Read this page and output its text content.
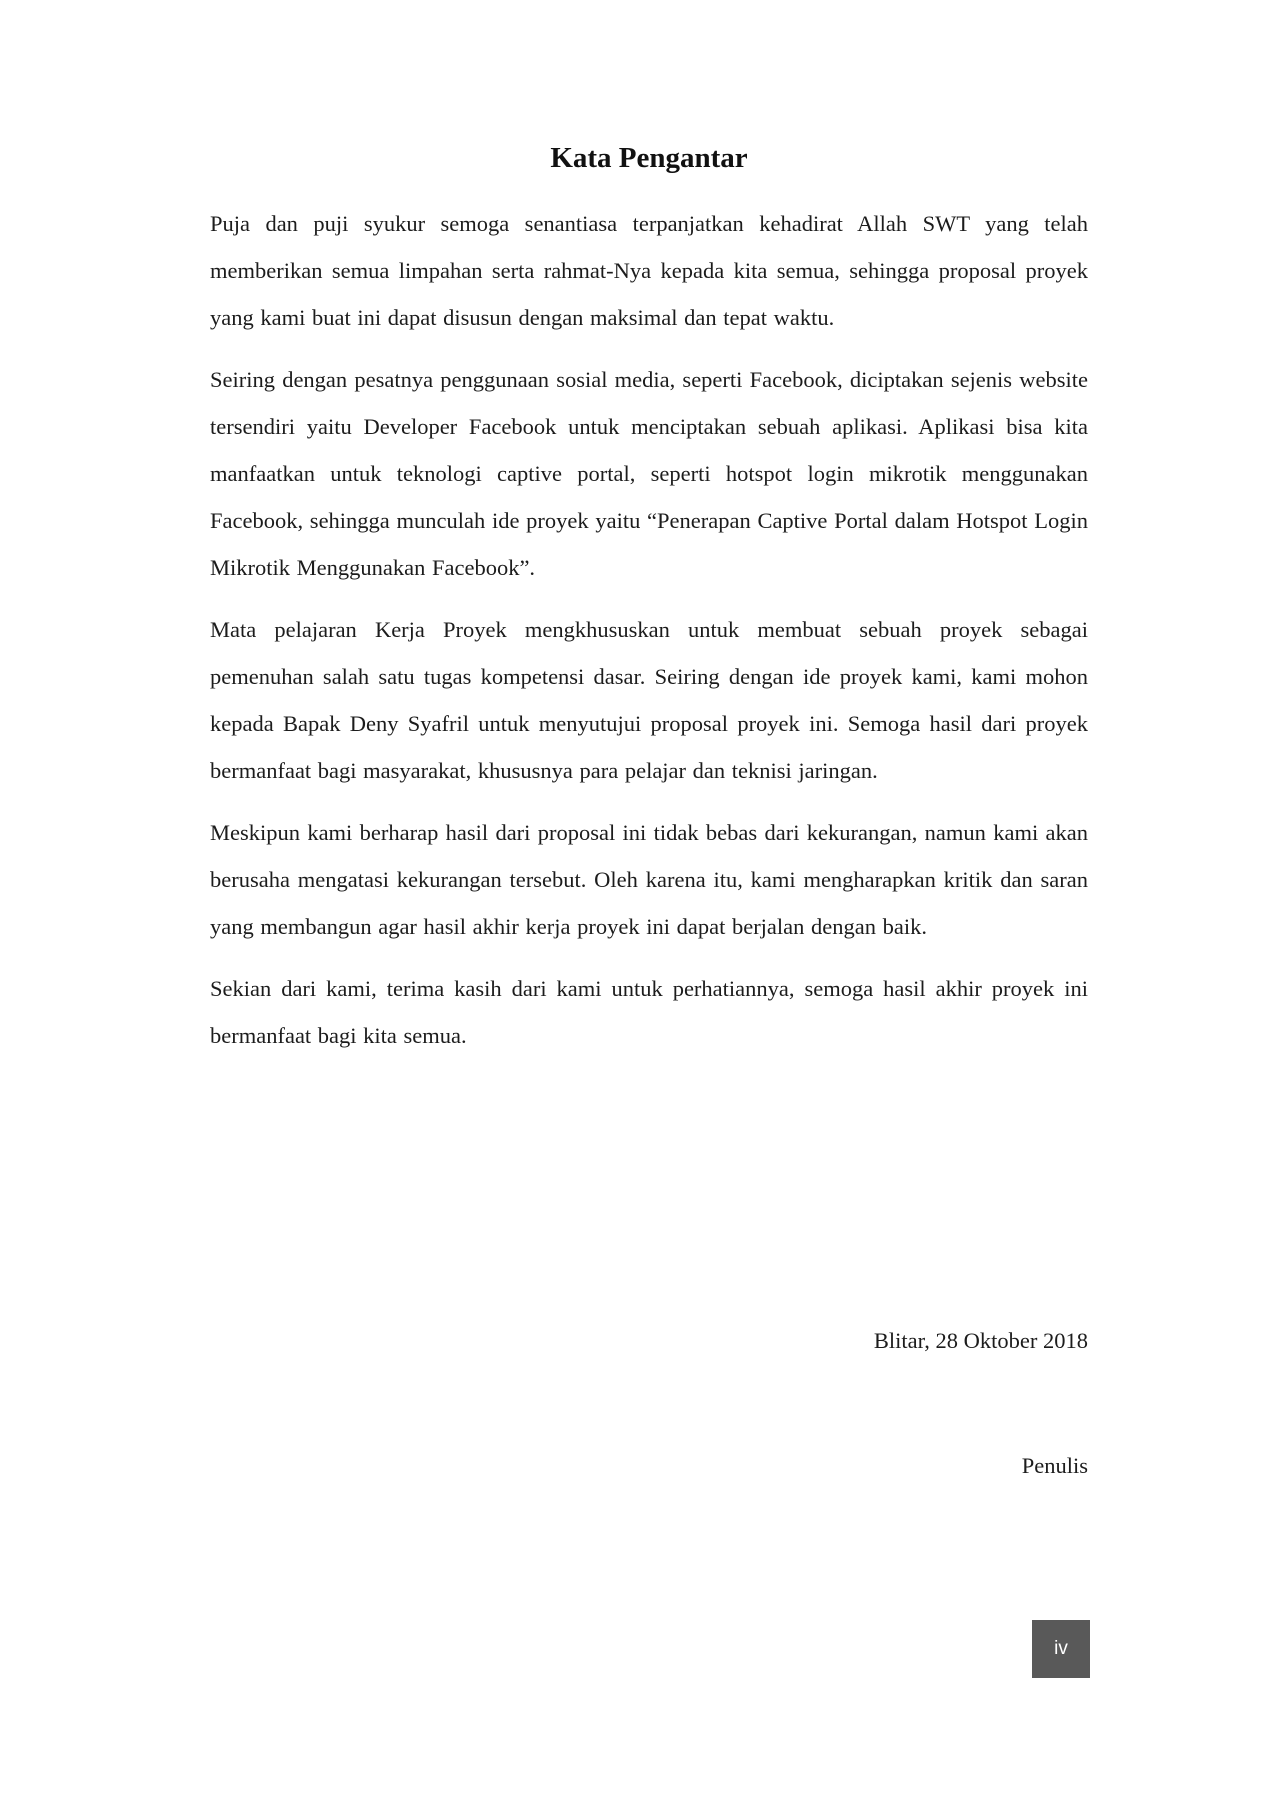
Kata Pengantar

Puja dan puji syukur semoga senantiasa terpanjatkan kehadirat Allah SWT yang telah memberikan semua limpahan serta rahmat-Nya kepada kita semua, sehingga proposal proyek yang kami buat ini dapat disusun dengan maksimal dan tepat waktu.

Seiring dengan pesatnya penggunaan sosial media, seperti Facebook, diciptakan sejenis website tersendiri yaitu Developer Facebook untuk menciptakan sebuah aplikasi. Aplikasi bisa kita manfaatkan untuk teknologi captive portal, seperti hotspot login mikrotik menggunakan Facebook, sehingga munculah ide proyek yaitu “Penerapan Captive Portal dalam Hotspot Login Mikrotik Menggunakan Facebook”.

Mata pelajaran Kerja Proyek mengkhususkan untuk membuat sebuah proyek sebagai pemenuhan salah satu tugas kompetensi dasar. Seiring dengan ide proyek kami, kami mohon kepada Bapak Deny Syafril untuk menyutujui proposal proyek ini. Semoga hasil dari proyek bermanfaat bagi masyarakat, khususnya para pelajar dan teknisi jaringan.

Meskipun kami berharap hasil dari proposal ini tidak bebas dari kekurangan, namun kami akan berusaha mengatasi kekurangan tersebut. Oleh karena itu, kami mengharapkan kritik dan saran yang membangun agar hasil akhir kerja proyek ini dapat berjalan dengan baik.

Sekian dari kami, terima kasih dari kami untuk perhatiannya, semoga hasil akhir proyek ini bermanfaat bagi kita semua.

Blitar, 28 Oktober 2018
Penulis
iv
